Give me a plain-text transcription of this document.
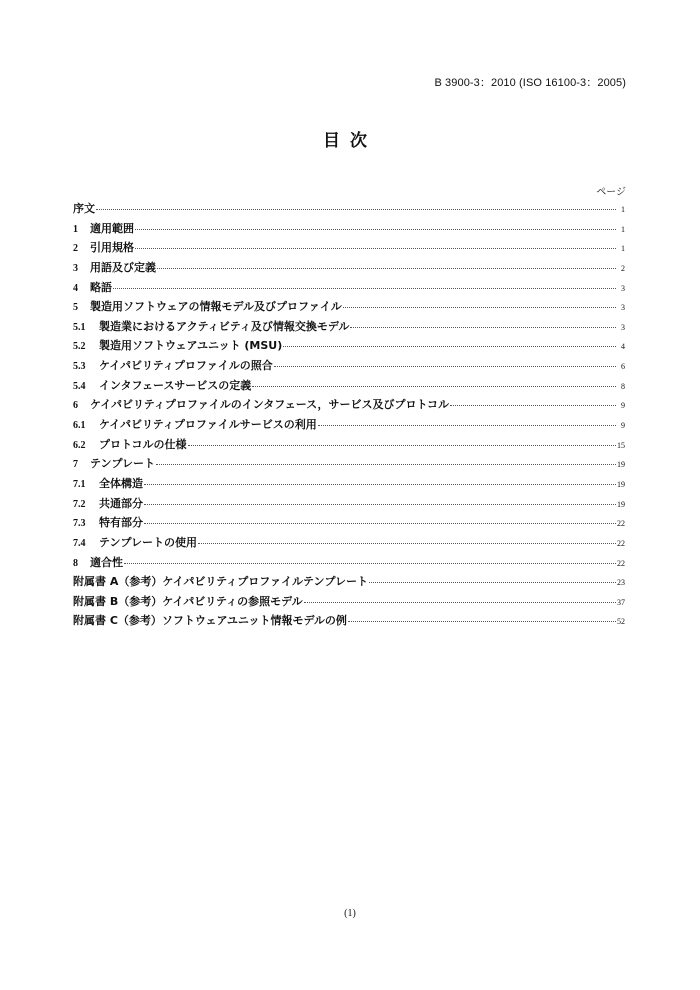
B 3900-3：2010 (ISO 16100-3：2005)
目次
ページ
序文	1
1	適用範囲	1
2	引用規格	1
3	用語及び定義	2
4	略語	3
5	製造用ソフトウェアの情報モデル及びプロファイル	3
5.1	製造業におけるアクティビティ及び情報交換モデル	3
5.2	製造用ソフトウェアユニット (MSU)	4
5.3	ケイパビリティプロファイルの照合	6
5.4	インタフェースサービスの定義	8
6	ケイパビリティプロファイルのインタフェース，サービス及びプロトコル	9
6.1	ケイパビリティプロファイルサービスの利用	9
6.2	プロトコルの仕様	15
7	テンプレート	19
7.1	全体構造	19
7.2	共通部分	19
7.3	特有部分	22
7.4	テンプレートの使用	22
8	適合性	22
附属書 A（参考）ケイパビリティプロファイルテンプレート	23
附属書 B（参考）ケイパビリティの参照モデル	37
附属書 C（参考）ソフトウェアユニット情報モデルの例	52
(1)
